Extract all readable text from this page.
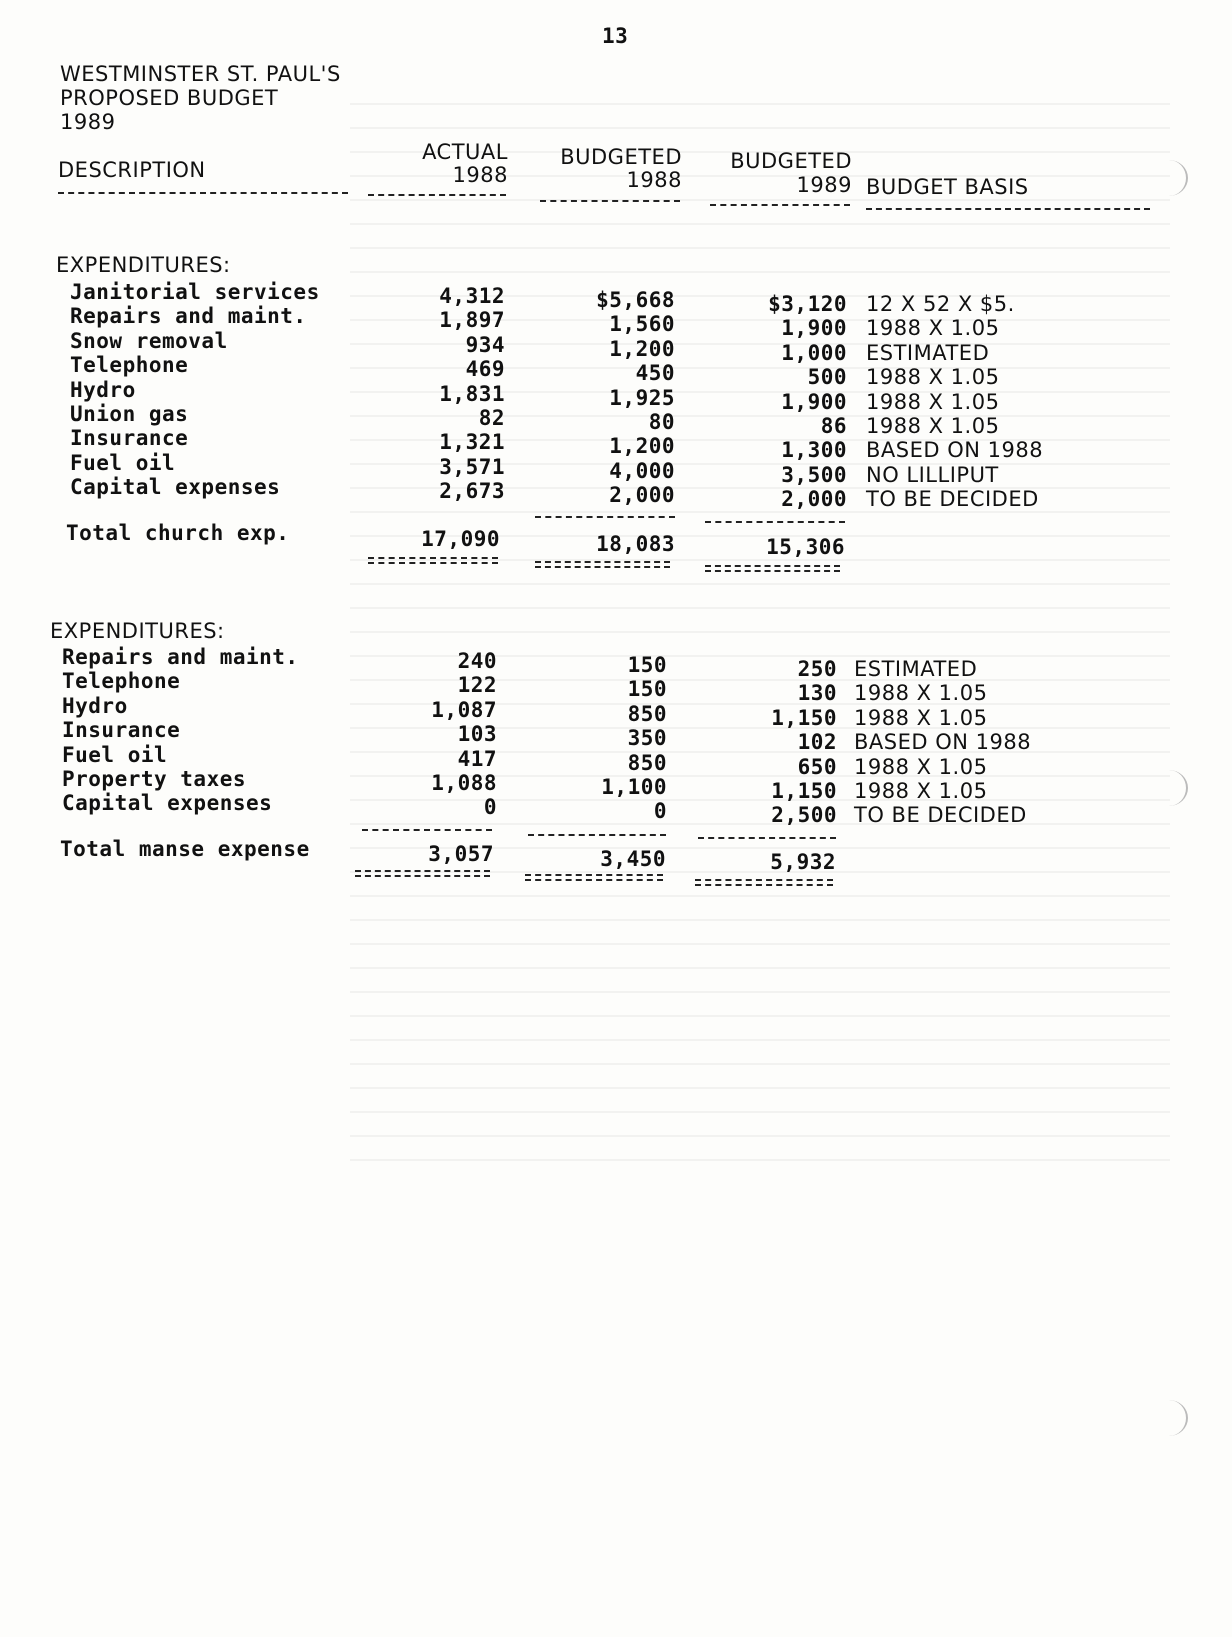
13
WESTMINSTER ST. PAUL'S
PROPOSED BUDGET
1989
DESCRIPTION
ACTUAL
1988
BUDGETED
1988
BUDGETED
1989 BUDGET BASIS
EXPENDITURES:
Janitorial services	4,312	$5,668	$3,120 12 X 52 X $5.
Repairs and maint.	1,897	1,560	1,900 1988 X 1.05
Snow removal	934	1,200	1,000 ESTIMATED
Telephone	469	450	500 1988 X 1.05
Hydro	1,831	1,925	1,900 1988 X 1.05
Union gas	82	80	86 1988 X 1.05
Insurance	1,321	1,200	1,300 BASED ON 1988
Fuel oil	3,571	4,000	3,500 NO LILLIPUT
Capital expenses	2,673	2,000	2,000 TO BE DECIDED
Total church exp.	17,090	18,083	15,306
EXPENDITURES:
Repairs and maint.	240	150	250 ESTIMATED
Telephone	122	150	130 1988 X 1.05
Hydro	1,087	850	1,150 1988 X 1.05
Insurance	103	350	102 BASED ON 1988
Fuel oil	417	850	650 1988 X 1.05
Property taxes	1,088	1,100	1,150 1988 X 1.05
Capital expenses	0	0	2,500 TO BE DECIDED
Total manse expense	3,057	3,450	5,932
